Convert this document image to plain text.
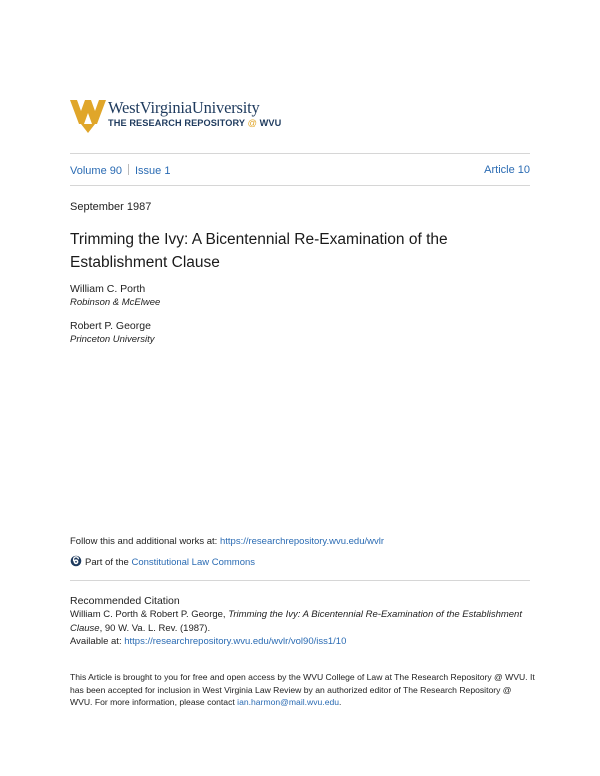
WestVirginiaUniversity
THE RESEARCH REPOSITORY @ WVU
Volume 90 Issue 1	Article 10
September 1987
Trimming the Ivy: A Bicentennial Re-Examination of the Establishment Clause
William C. Porth
Robinson & McElwee
Robert P. George
Princeton University
Follow this and additional works at: https://researchrepository.wvu.edu/wvlr
Part of the Constitutional Law Commons
Recommended Citation
William C. Porth & Robert P. George, Trimming the Ivy: A Bicentennial Re-Examination of the Establishment Clause, 90 W. Va. L. Rev. (1987).
Available at: https://researchrepository.wvu.edu/wvlr/vol90/iss1/10
This Article is brought to you for free and open access by the WVU College of Law at The Research Repository @ WVU. It has been accepted for inclusion in West Virginia Law Review by an authorized editor of The Research Repository @ WVU. For more information, please contact ian.harmon@mail.wvu.edu.
